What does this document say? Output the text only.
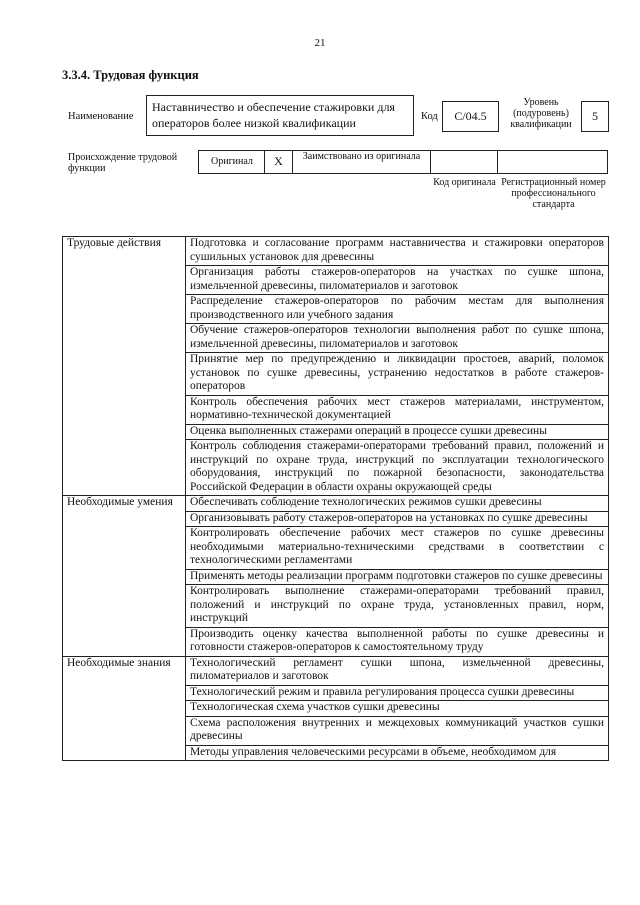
21
3.3.4. Трудовая функция
Наименование
Наставничество и обеспечение стажировки для операторов более низкой квалификации	Код	C/04.5
Уровень (подуровень) квалификации
5
Происхождение трудовой функции
Оригинал	X	Заимствовано из оригинала
Код оригинала Регистрационный номер профессионального стандарта
Трудовые действия	Подготовка и согласование программ наставничества и стажировки операторов сушильных установок для древесины
	Организация работы стажеров-операторов на участках по сушке шпона, измельченной древесины, пиломатериалов и заготовок
	Распределение стажеров-операторов по рабочим местам для выполнения производственного или учебного задания
	Обучение стажеров-операторов технологии выполнения работ по сушке шпона, измельченной древесины, пиломатериалов и заготовок
	Принятие мер по предупреждению и ликвидации простоев, аварий, поломок установок по сушке древесины, устранению недостатков в работе стажеров-операторов
	Контроль обеспечения рабочих мест стажеров материалами, инструментом, нормативно-технической документацией
	Оценка выполненных стажерами операций в процессе сушки древесины
	Контроль соблюдения стажерами-операторами требований правил, положений и инструкций по охране труда, инструкций по эксплуатации технологического оборудования, инструкций по пожарной безопасности, законодательства Российской Федерации в области охраны окружающей среды
Необходимые умения	Обеспечивать соблюдение технологических режимов сушки древесины
	Организовывать работу стажеров-операторов на установках по сушке древесины
	Контролировать обеспечение рабочих мест стажеров по сушке древесины необходимыми материально-техническими средствами в соответствии с технологическими регламентами
	Применять методы реализации программ подготовки стажеров по сушке древесины
	Контролировать выполнение стажерами-операторами требований правил, положений и инструкций по охране труда, установленных правил, норм, инструкций
	Производить оценку качества выполненной работы по сушке древесины и готовности стажеров-операторов к самостоятельному труду
Необходимые знания	Технологический регламент сушки шпона, измельченной древесины, пиломатериалов и заготовок
	Технологический режим и правила регулирования процесса сушки древесины
	Технологическая схема участков сушки древесины
	Схема расположения внутренних и межцеховых коммуникаций участков сушки древесины
	Методы управления человеческими ресурсами в объеме, необходимом для
